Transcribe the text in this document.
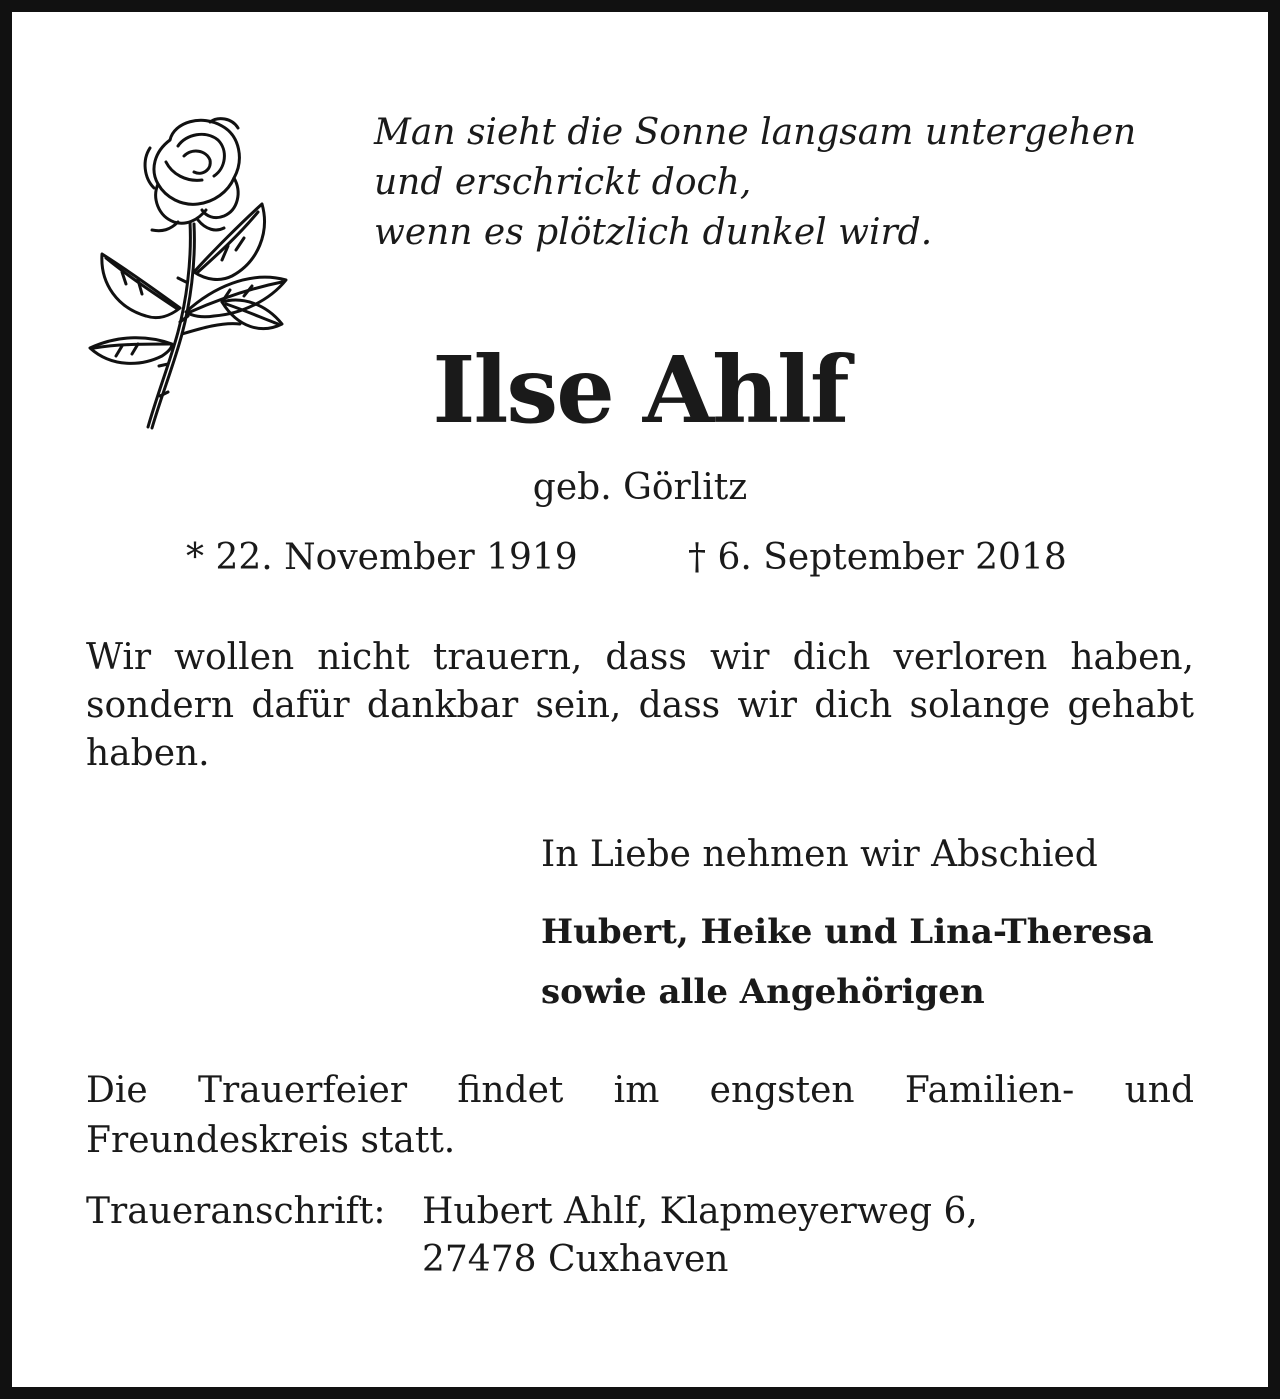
Man sieht die Sonne langsam untergehen
und erschrickt doch,
wenn es plötzlich dunkel wird.
Ilse Ahlf
geb. Görlitz
* 22. November 1919	† 6. September 2018
Wir wollen nicht trauern, dass wir dich verloren haben, sondern dafür dankbar sein, dass wir dich solange gehabt haben.
In Liebe nehmen wir Abschied
Hubert, Heike und Lina-Theresa
sowie alle Angehörigen
Die Trauerfeier findet im engsten Familien- und Freundeskreis statt.
Traueranschrift: Hubert Ahlf, Klapmeyerweg 6,
27478 Cuxhaven
